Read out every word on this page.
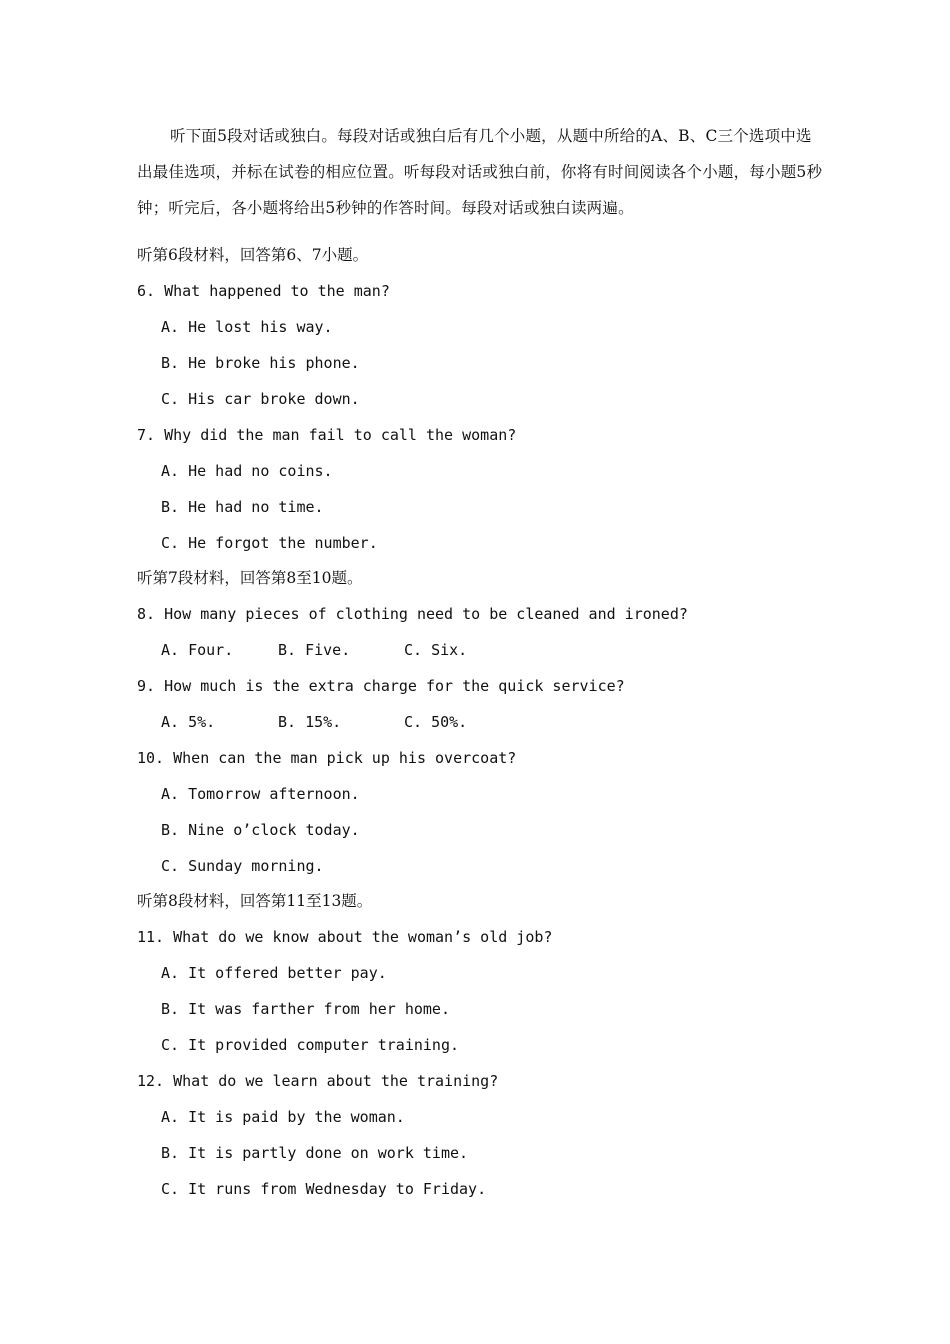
听下面5段对话或独白。每段对话或独白后有几个小题，从题中所给的A、B、C三个选项中选出最佳选项，并标在试卷的相应位置。听每段对话或独白前，你将有时间阅读各个小题，每小题5秒钟；听完后，各小题将给出5秒钟的作答时间。每段对话或独白读两遍。

听第6段材料，回答第6、7小题。
6. What happened to the man?
A. He lost his way.
B. He broke his phone.
C. His car broke down.
7. Why did the man fail to call the woman?
A. He had no coins.
B. He had no time.
C. He forgot the number.
听第7段材料，回答第8至10题。
8. How many pieces of clothing need to be cleaned and ironed?
A. Four.	B. Five.	C. Six.
9. How much is the extra charge for the quick service?
A. 5%.	B. 15%.	C. 50%.
10. When can the man pick up his overcoat?
A. Tomorrow afternoon.
B. Nine o’clock today.
C. Sunday morning.
听第8段材料，回答第11至13题。
11. What do we know about the woman’s old job?
A. It offered better pay.
B. It was farther from her home.
C. It provided computer training.
12. What do we learn about the training?
A. It is paid by the woman.
B. It is partly done on work time.
C. It runs from Wednesday to Friday.
